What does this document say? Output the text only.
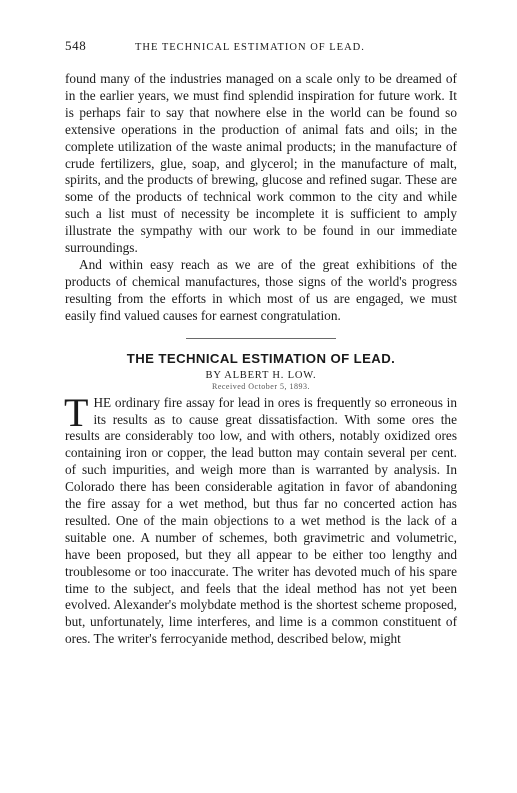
548	THE TECHNICAL ESTIMATION OF LEAD.

found many of the industries managed on a scale only to be dreamed of in the earlier years, we must find splendid inspiration for future work. It is perhaps fair to say that nowhere else in the world can be found so extensive operations in the production of animal fats and oils; in the complete utilization of the waste animal products; in the manufacture of crude fertilizers, glue, soap, and glycerol; in the manufacture of malt, spirits, and the products of brewing, glucose and refined sugar. These are some of the products of technical work common to the city and while such a list must of necessity be incomplete it is sufficient to amply illustrate the sympathy with our work to be found in our immediate surroundings.

And within easy reach as we are of the great exhibitions of the products of chemical manufactures, those signs of the world's progress resulting from the efforts in which most of us are engaged, we must easily find valued causes for earnest congratulation.

THE TECHNICAL ESTIMATION OF LEAD.
BY ALBERT H. LOW.
Received October 5, 1893.

THE ordinary fire assay for lead in ores is frequently so erroneous in its results as to cause great dissatisfaction. With some ores the results are considerably too low, and with others, notably oxidized ores containing iron or copper, the lead button may contain several per cent. of such impurities, and weigh more than is warranted by analysis. In Colorado there has been considerable agitation in favor of abandoning the fire assay for a wet method, but thus far no concerted action has resulted. One of the main objections to a wet method is the lack of a suitable one. A number of schemes, both gravimetric and volumetric, have been proposed, but they all appear to be either too lengthy and troublesome or too inaccurate. The writer has devoted much of his spare time to the subject, and feels that the ideal method has not yet been evolved. Alexander's molybdate method is the shortest scheme proposed, but, unfortunately, lime interferes, and lime is a common constituent of ores. The writer's ferrocyanide method, described below, might
